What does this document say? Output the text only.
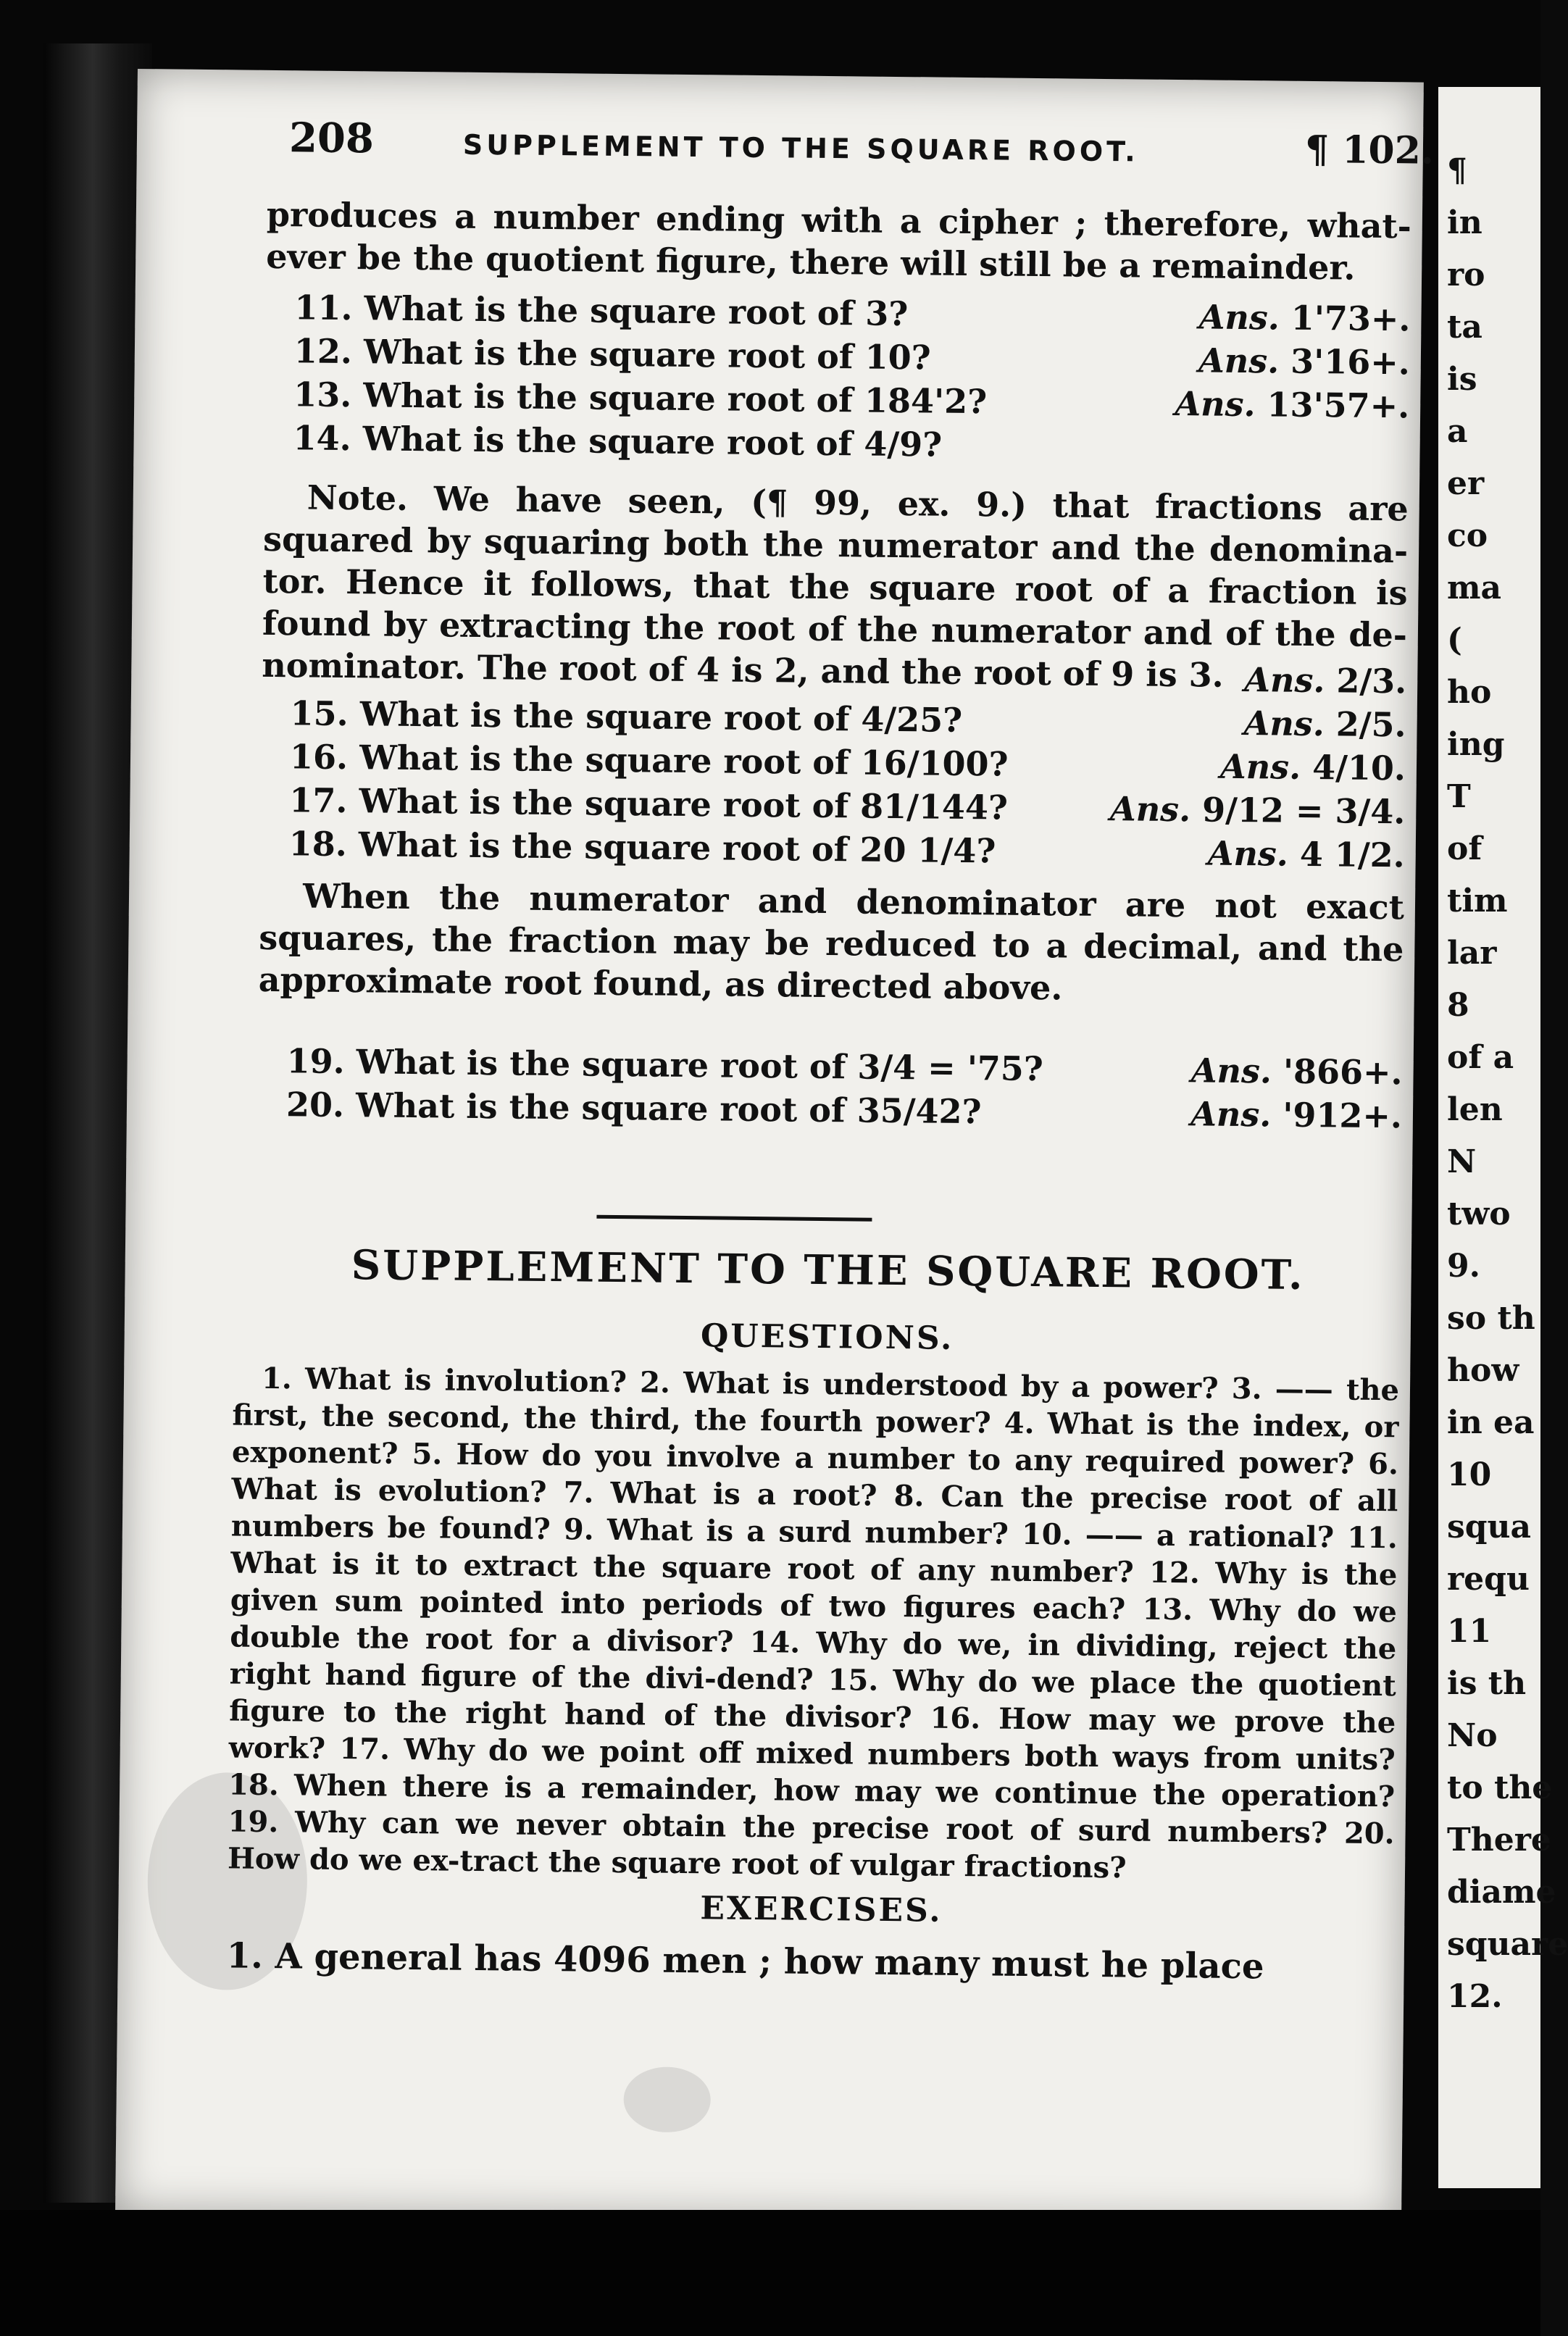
¶
in
ro
ta
is
a
er
co
ma
(
ho
ing
T
of
tim
lar
8
of a
len
N
two
9.
so th
how
in ea
10
squa
requ
11
is th
No
to the
There
diame
square
12.
208	SUPPLEMENT TO THE SQUARE ROOT.	¶ 102.
produces a number ending with a cipher ; therefore, what-ever be the quotient figure, there will still be a remainder.
11. What is the square root of 3?	Ans. 1'73+.
12. What is the square root of 10?	Ans. 3'16+.
13. What is the square root of 184'2?	Ans. 13'57+.
14. What is the square root of 4/9?
Note. We have seen, (¶ 99, ex. 9.) that fractions are squared by squaring both the numerator and the denomina-tor. Hence it follows, that the square root of a fraction is found by extracting the root of the numerator and of the de-nominator. The root of 4 is 2, and the root of 9 is 3. Ans. 2/3.
15. What is the square root of 4/25?	Ans. 2/5.
16. What is the square root of 16/100?	Ans. 4/10.
17. What is the square root of 81/144?	Ans. 9/12 = 3/4.
18. What is the square root of 20 1/4?	Ans. 4 1/2.
When the numerator and denominator are not exact squares, the fraction may be reduced to a decimal, and the approximate root found, as directed above.
19. What is the square root of 3/4 = '75?	Ans. '866+.
20. What is the square root of 35/42?	Ans. '912+.
SUPPLEMENT TO THE SQUARE ROOT.
QUESTIONS.
1. What is involution? 2. What is understood by a power? 3. —— the first, the second, the third, the fourth power? 4. What is the index, or exponent? 5. How do you involve a number to any required power? 6. What is evolution? 7. What is a root? 8. Can the precise root of all numbers be found? 9. What is a surd number? 10. —— a rational? 11. What is it to extract the square root of any number? 12. Why is the given sum pointed into periods of two figures each? 13. Why do we double the root for a divisor? 14. Why do we, in dividing, reject the right hand figure of the divi-dend? 15. Why do we place the quotient figure to the right hand of the divisor? 16. How may we prove the work? 17. Why do we point off mixed numbers both ways from units? 18. When there is a remainder, how may we continue the operation? 19. Why can we never obtain the precise root of surd numbers? 20. How do we ex-tract the square root of vulgar fractions?
EXERCISES.
1. A general has 4096 men ; how many must he place
